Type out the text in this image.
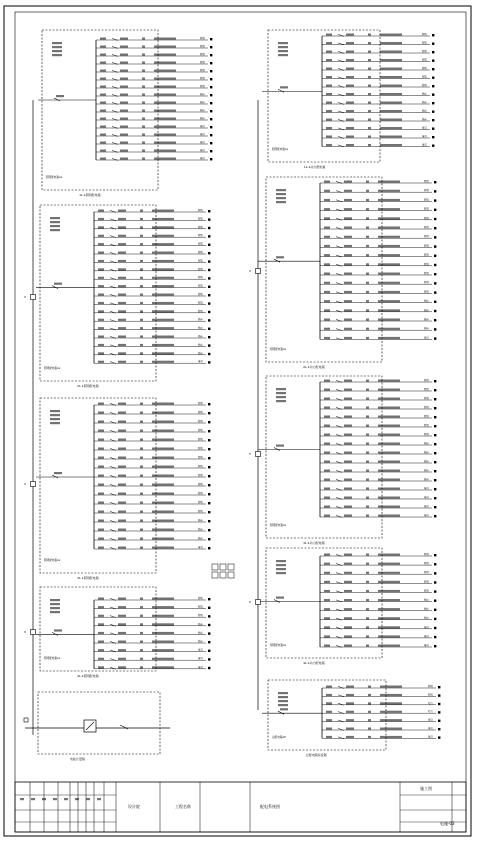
照明配电箱AL
1L-1照明配电箱
照明
照明
照明
照明
照明
照明
照明
插座
插座
插座
插座
备用
备用
备用
备用
备用
照明配电箱AL
2L-1照明配电箱
照明
照明
照明
照明
照明
照明
照明
照明
照明
照明
照明
照明
照明
插座
插座
插座
插座
插座
备用
照明配电箱AL
3L-1照明配电箱
照明
照明
照明
照明
照明
照明
照明
照明
照明
照明
照明
照明
照明
插座
插座
插座
备用
照明配电箱AL
4L-1照明配电箱
照明
照明
照明
插座
插座
插座
备用
备用
备用
照明配电箱AL
1L-1动力配电箱
照明
照明
照明
照明
照明
照明
照明
插座
插座
插座
插座
备用
备用
备用
照明配电箱AL
2L-1动力配电箱
照明
照明
照明
照明
照明
照明
照明
照明
照明
照明
照明
照明
照明
插座
插座
插座
插座
备用
照明配电箱AL
3L-1动力配电箱
照明
照明
照明
照明
照明
照明
照明
插座
插座
插座
插座
插座
备用
备用
备用
备用
照明配电箱AL
4L-1动力配电箱
照明
照明
照明
照明
照明
插座
插座
插座
备用
备用
备用
总配电箱AP
总配电箱系统图
照明
照明
动力
动力
备用
备用
备用
V
V
V
V
V
V
电能计量箱
设计院	工程名称	配电系统图
施工图
电施-03
